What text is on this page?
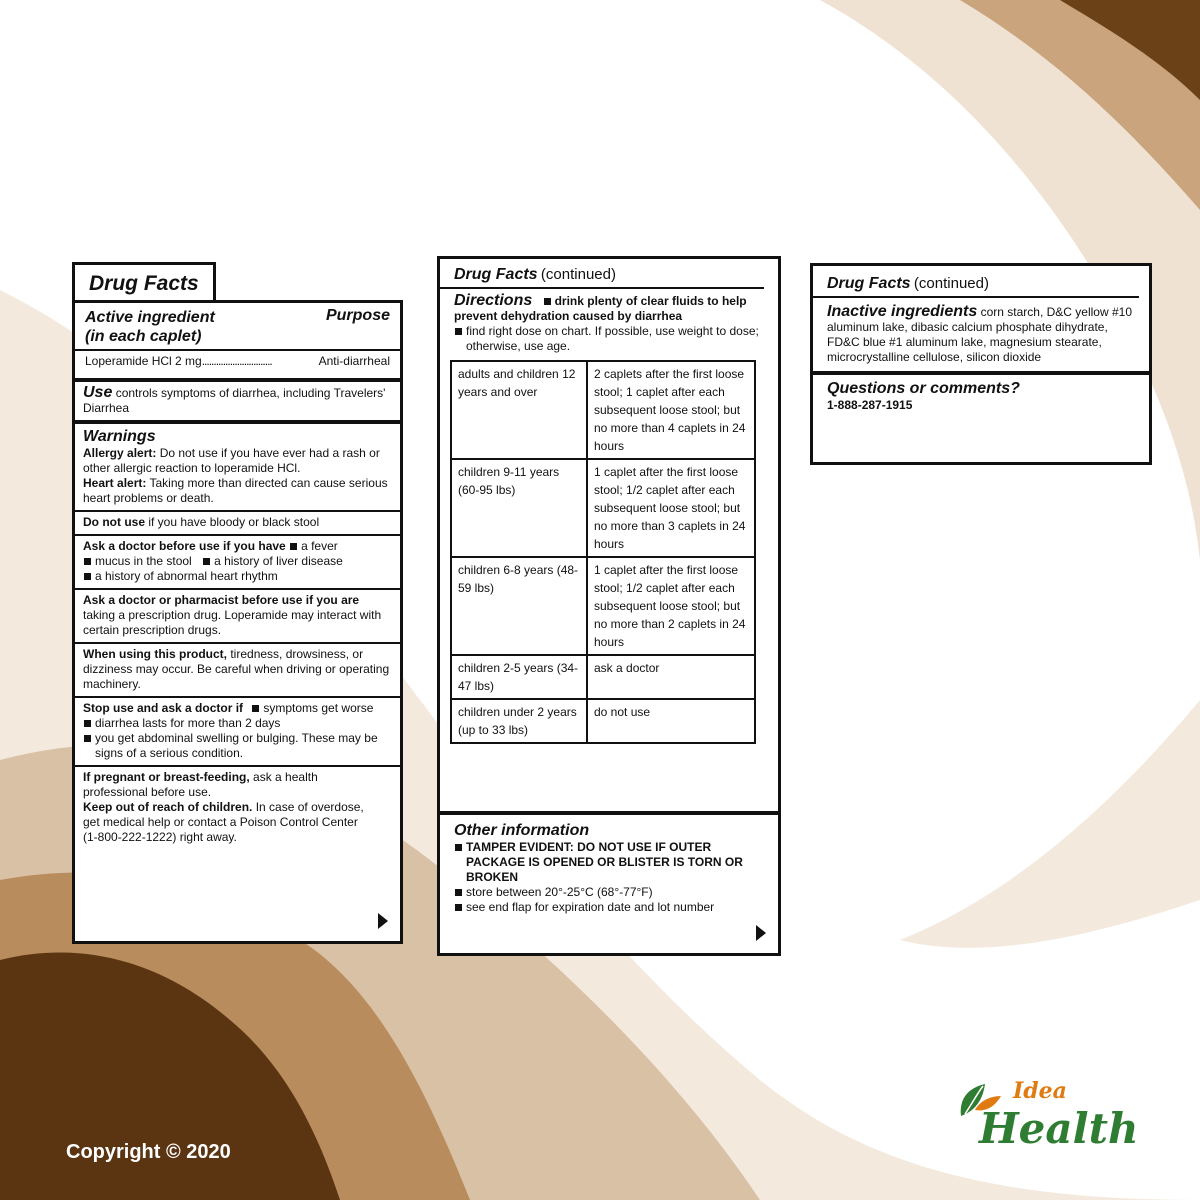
Drug Facts
Active ingredient
(in each caplet)
Purpose
Loperamide HCl 2 mg ..............................	Anti-diarrheal
Use controls symptoms of diarrhea, including Travelers' Diarrhea
Warnings
Allergy alert: Do not use if you have ever had a rash or other allergic reaction to loperamide HCl.
Heart alert: Taking more than directed can cause serious heart problems or death.
Do not use if you have bloody or black stool
Ask a doctor before use if you have a fever
mucus in the stool a history of liver disease
a history of abnormal heart rhythm
Ask a doctor or pharmacist before use if you are taking a prescription drug. Loperamide may interact with certain prescription drugs.
When using this product, tiredness, drowsiness, or dizziness may occur. Be careful when driving or operating machinery.
Stop use and ask a doctor if symptoms get worse
diarrhea lasts for more than 2 days

you get abdominal swelling or bulging. These may be signs of a serious condition.
If pregnant or breast-feeding, ask a health professional before use.
Keep out of reach of children. In case of overdose, get medical help or contact a Poison Control Center (1-800-222-1222) right away.
Drug Facts (continued)
Directions drink plenty of clear fluids to help prevent dehydration caused by diarrhea
find right dose on chart. If possible, use weight to dose; otherwise, use age.
adults and children 12 years and over	2 caplets after the first loose stool; 1 caplet after each subsequent loose stool; but no more than 4 caplets in 24 hours
children 9-11 years (60-95 lbs)	1 caplet after the first loose stool; 1/2 caplet after each subsequent loose stool; but no more than 3 caplets in 24 hours
children 6-8 years (48-59 lbs)	1 caplet after the first loose stool; 1/2 caplet after each subsequent loose stool; but no more than 2 caplets in 24 hours
children 2-5 years (34-47 lbs)	ask a doctor
children under 2 years (up to 33 lbs)	do not use
Other information
TAMPER EVIDENT: DO NOT USE IF OUTER PACKAGE IS OPENED OR BLISTER IS TORN OR BROKEN
store between 20°-25°C (68°-77°F)
see end flap for expiration date and lot number
Drug Facts (continued)
Inactive ingredients corn starch, D&C yellow #10 aluminum lake, dibasic calcium phosphate dihydrate, FD&C blue #1 aluminum lake, magnesium stearate, microcrystalline cellulose, silicon dioxide
Questions or comments?
1-888-287-1915
Copyright © 2020
Idea
Health
